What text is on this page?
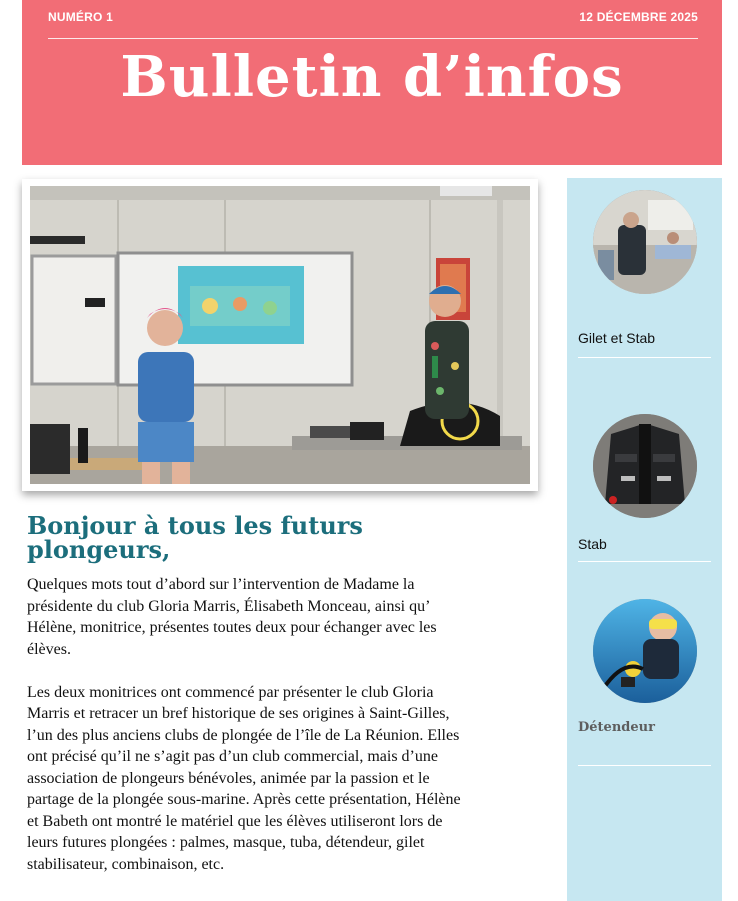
NUMÉRO 1	12 DÉCEMBRE 2025
Bulletin d’infos
Bonjour à tous les futurs plongeurs,

Quelques mots tout d’abord sur l’intervention de Madame la présidente du club Gloria Marris, Élisabeth Monceau, ainsi qu’ Hélène, monitrice, présentes toutes deux pour échanger avec les élèves.

Les deux monitrices ont commencé par présenter le club Gloria Marris et retracer un bref historique de ses origines à Saint-Gilles, l’un des plus anciens clubs de plongée de l’île de La Réunion. Elles ont précisé qu’il ne s’agit pas d’un club commercial, mais d’une association de plongeurs bénévoles, animée par la passion et le partage de la plongée sous-marine. Après cette présentation, Hélène et Babeth ont montré le matériel que les élèves utiliseront lors de leurs futures plongées : palmes, masque, tuba, détendeur, gilet stabilisateur, combinaison, etc.

Gilet et Stab
Stab
Détendeur
